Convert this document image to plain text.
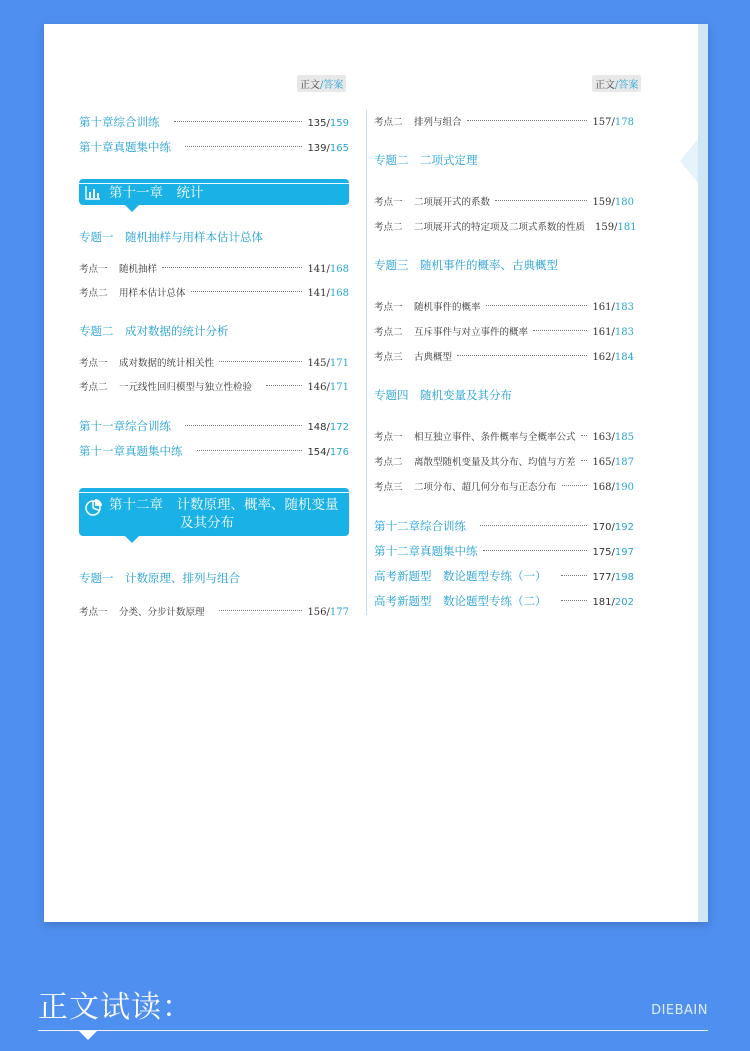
正文/答案	正文/答案
第十章综合训练	135/159
第十章真题集中练	139/165
第十一章　统计
专题一　随机抽样与用样本估计总体
考点一	随机抽样	141/168
考点二	用样本估计总体	141/168
专题二　成对数据的统计分析
考点一	成对数据的统计相关性	145/171
考点二	一元线性回归模型与独立性检验	146/171
第十一章综合训练	148/172
第十一章真题集中练	154/176
第十二章　计数原理、概率、随机变量
及其分布
专题一　计数原理、排列与组合
考点一	分类、分步计数原理	156/177
考点二	排列与组合	157/178
专题二　二项式定理
考点一	二项展开式的系数	159/180
考点二	二项展开式的特定项及二项式系数的性质 159/181
专题三　随机事件的概率、古典概型
考点一	随机事件的概率	161/183
考点二	互斥事件与对立事件的概率	161/183
考点三	古典概型	162/184
专题四　随机变量及其分布
考点一	相互独立事件、条件概率与全概率公式 163/185
考点二	离散型随机变量及其分布、均值与方差 165/187
考点三	二项分布、超几何分布与正态分布	168/190
第十二章综合训练	170/192
第十二章真题集中练	175/197
高考新题型　数论题型专练（一）	177/198
高考新题型　数论题型专练（二）	181/202
正文试读：	DIEBAIN
